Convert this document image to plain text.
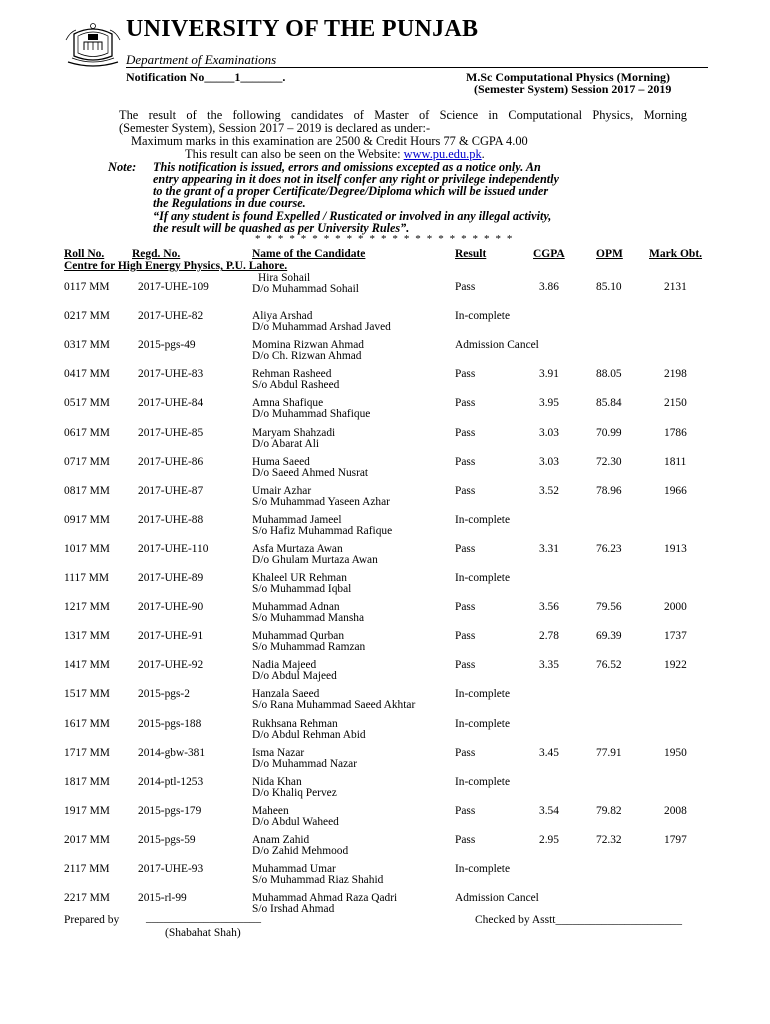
UNIVERSITY OF THE PUNJAB
Department of Examinations
Notification No_____1_______.	M.Sc Computational Physics (Morning)
(Semester System) Session 2017 – 2019
The result of the following candidates of Master of Science in Computational Physics, Morning
(Semester System), Session 2017 – 2019 is declared as under:-
Maximum marks in this examination are 2500 & Credit Hours 77 & CGPA 4.00
This result can also be seen on the Website: www.pu.edu.pk.
Note: This notification is issued, errors and omissions excepted as a notice only. An
entry appearing in it does not in itself confer any right or privilege independently
to the grant of a proper Certificate/Degree/Diploma which will be issued under
the Regulations in due course.
“If any student is found Expelled / Rusticated or involved in any illegal activity,
the result will be quashed as per University Rules”.
* * * * * * * * * * * * * * * * * * * * * * *
Roll No. Regd. No.	Name of the Candidate	Result	CGPA	OPM Mark Obt.
Centre for High Energy Physics, P.U. Lahore.
0117 MM	2017-UHE-109	Pass	3.86	85.10	2131
Hira Sohail
D/o Muhammad Sohail
0217 MM 2017-UHE-82	In-complete
Aliya Arshad
D/o Muhammad Arshad Javed
0317 MM 2015-pgs-49	Admission Cancel
Momina Rizwan Ahmad
D/o Ch. Rizwan Ahmad
0417 MM 2017-UHE-83	Pass	3.91	88.05	2198
Rehman Rasheed
S/o Abdul Rasheed
0517 MM 2017-UHE-84	Pass	3.95	85.84	2150
Amna Shafique
D/o Muhammad Shafique
0617 MM 2017-UHE-85	Pass	3.03	70.99	1786
Maryam Shahzadi
D/o Abarat Ali
0717 MM 2017-UHE-86	Pass	3.03	72.30	1811
Huma Saeed
D/o Saeed Ahmed Nusrat
0817 MM 2017-UHE-87	Pass	3.52	78.96	1966
Umair Azhar
S/o Muhammad Yaseen Azhar
0917 MM 2017-UHE-88	In-complete
Muhammad Jameel
S/o Hafiz Muhammad Rafique
1017 MM 2017-UHE-110	Pass	3.31	76.23	1913
Asfa Murtaza Awan
D/o Ghulam Murtaza Awan
1117 MM	2017-UHE-89	In-complete
Khaleel UR Rehman
S/o Muhammad Iqbal
1217 MM 2017-UHE-90	Pass	3.56	79.56	2000
Muhammad Adnan
S/o Muhammad Mansha
1317 MM 2017-UHE-91	Pass	2.78	69.39	1737
Muhammad Qurban
S/o Muhammad Ramzan
1417 MM 2017-UHE-92	Pass	3.35	76.52	1922
Nadia Majeed
D/o Abdul Majeed
1517 MM 2015-pgs-2	In-complete
Hanzala Saeed
S/o Rana Muhammad Saeed Akhtar
1617 MM 2015-pgs-188	In-complete
Rukhsana Rehman
D/o Abdul Rehman Abid
1717 MM 2014-gbw-381	Pass	3.45	77.91	1950
Isma Nazar
D/o Muhammad Nazar
1817 MM 2014-ptl-1253	In-complete
Nida Khan
D/o Khaliq Pervez
1917 MM 2015-pgs-179	Pass	3.54	79.82	2008
Maheen
D/o Abdul Waheed
2017 MM 2015-pgs-59	Pass	2.95	72.32	1797
Anam Zahid
D/o Zahid Mehmood
2117 MM	2017-UHE-93	In-complete
Muhammad Umar
S/o Muhammad Riaz Shahid
2217 MM 2015-rl-99	Admission Cancel
Muhammad Ahmad Raza Qadri
S/o Irshad Ahmad
Prepared by ____________________
(Shabahat Shah)
Checked by Asstt______________________
